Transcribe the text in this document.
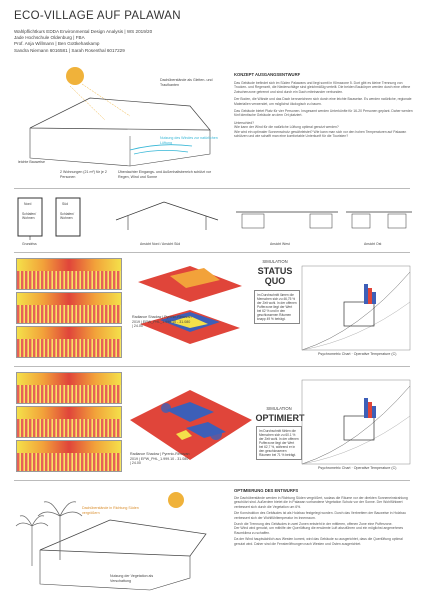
ECO-VILLAGE AUF PALAWAN
Wahlpflichtkurs EDDA Environmental Design Analysis | WS 2019/20
Jade Hochschule Oldenburg | FBA
Prof. Anja Willmann | Ben Gottkehaskamp
Sandra Niemann 6016581 | Sarah Rosenthal 6017229
Dachüberstände als Gleiten- und Traufkanten
Nutzung des Windes zur natürlichen Lüftung
leichte Bauweise
2 Wohnungen (21 m²) für je 2 Personen
Überdachter Eingangs- und Außenhaltsbereich schützt vor Regen, Wind und Sonne
KONZEPT AUSGANGSENTWURF
Das Gebäude befindet sich im Süden Palawans und liegt somit in Klimazone 5. Dort gibt es kleine Trennung von Trocken- und Regenzeit, die Niederschläge sind gleichmäßig verteilt. Die beiden Baukörper werden durch eine offene Zwischenzone getrennt und sind durch ein Dach miteinander verbunden.
Der Boden, die Wände und das Dach kennzeichnen sich durch eine leichte Bauweise. Es werden natürliche, regionale Materialien verwendet, um möglichst ökologisch zu bauen.
Das Gebäude bietet Platz für vier Personen. Insgesamt werden Unterkünfte für 16-20 Personen geplant. Daher werden fünf identische Gebäude an dem Ort platziert.
Unterschied?
Wie kann der Wind für die natürliche Lüftung optimal genutzt werden?
Wie wird ein optimaler Sonnenschutz gewährleistet? Wie kann man sich vor den hohen Temperaturen auf Palawan schützen und wie schafft man eine komfortable Unterkunft für die Touristen?
Nord	Süd
Schlafen/ Wohnen
Schlafen/ Wohnen
Grundriss	Ansicht Nord / Ansicht Süd	Ansicht West	Ansicht Ost
Radiance Shadow | Pyrenic-Rimovan 2019 | EPW_PHL_1.999.10 - 31.080 | 24.00
SIMULATION
STATUS
QUO
Im Durchschnitt lümen die Menschen sich zu 46,75 % der Zeit wohl. In der offenen Pufferzone liegt der Wert bei 62 % und in den geschlossenen Räumen knapp 49 % beträgt.
Psychrometric Chart · Operative Temperature (C)
Radiance Shadow | Pyrenic-Rimovan 2019 | EPW_PHL_1.999.10 - 31.080 | 24.00
SIMULATION
OPTIMIERT
Im Durchschnitt fühlen die Menschen sich zu 60.1 % der Zeit wohl. In der offenen Pufferzone liegt der Wert bei 62,7 %, während er in den geschlossenen Räumen bei 71 % beträgt.
Psychrometric Chart · Operative Temperature (C)
Dachüberstände in Richtung Süden vergrößern
Nutzung der Vegetation als Verschattung
OPTIMIERUNG DES ENTWURFS
Die Dachüberstände werden in Richtung Süden vergrößert, sodass die Räume vor der direkten Sonneneinstrahlung geschützt sind. Außerdem bietet die in Palawan vorhandene Vegetation Schutz vor der Sonne. Der Wohlfühlwert verbessert sich durch die Vegetation um 6%.
Die Konstruktion des Gebäudes ist als Holzbau festgelegt worden. Durch das Verbreitern der Bauweise in Holzbau verbessert sich der Wohlfühltemperatur im Innenraum.
Durch die Trennung des Gebäudes in zwei Zonen entsteht in der mittleren, offenen Zone eine Pufferzone.
Der Wind wird genutzt, um mithilfe der Querlüftung die erwärmte Luft abzuführen und ein möglichst angenehmes Raumklima zu schaffen.
Da der Wind hauptsächlich aus Westen kommt, wird das Gebäude so ausgerichtet, dass die Querlüftung optimal genutzt wird. Daher sind die Fensteröffnungen nach Westen und Osten ausgerichtet.
